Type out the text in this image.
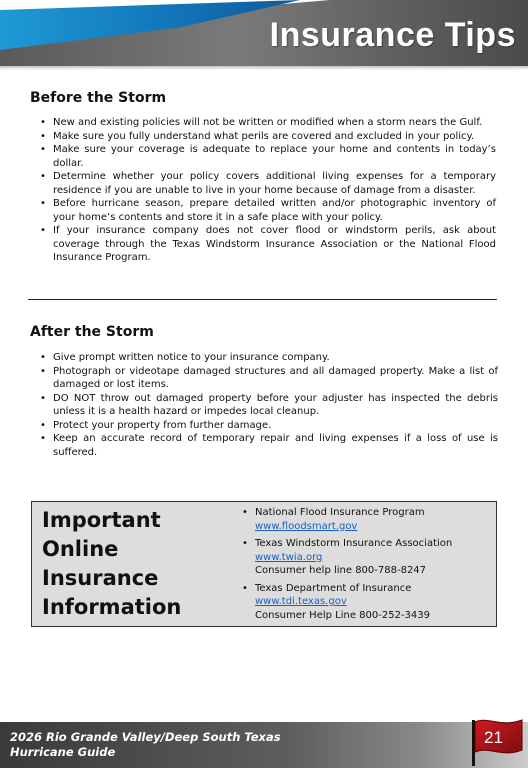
Insurance Tips
Before the Storm
• New and existing policies will not be written or modified when a storm nears the Gulf.
• Make sure you fully understand what perils are covered and excluded in your policy.
• Make sure your coverage is adequate to replace your home and contents in today’s dollar.
• Determine whether your policy covers additional living expenses for a temporary residence if you are unable to live in your home because of damage from a disaster.
• Before hurricane season, prepare detailed written and/or photographic inventory of your home’s contents and store it in a safe place with your policy.
• If your insurance company does not cover flood or windstorm perils, ask about coverage through the Texas Windstorm Insurance Association or the National Flood Insurance Program.
After the Storm
• Give prompt written notice to your insurance company.
• Photograph or videotape damaged structures and all damaged property. Make a list of damaged or lost items.
• DO NOT throw out damaged property before your adjuster has inspected the debris unless it is a health hazard or impedes local cleanup.
• Protect your property from further damage.
• Keep an accurate record of temporary repair and living expenses if a loss of use is suffered.
Important
Online
Insurance
Information
• National Flood Insurance Program
www.floodsmart.gov
• Texas Windstorm Insurance Association
www.twia.org
Consumer help line 800-788-8247
• Texas Department of Insurance
www.tdi.texas.gov
Consumer Help Line 800-252-3439
2026 Rio Grande Valley/Deep South Texas
Hurricane Guide
21
